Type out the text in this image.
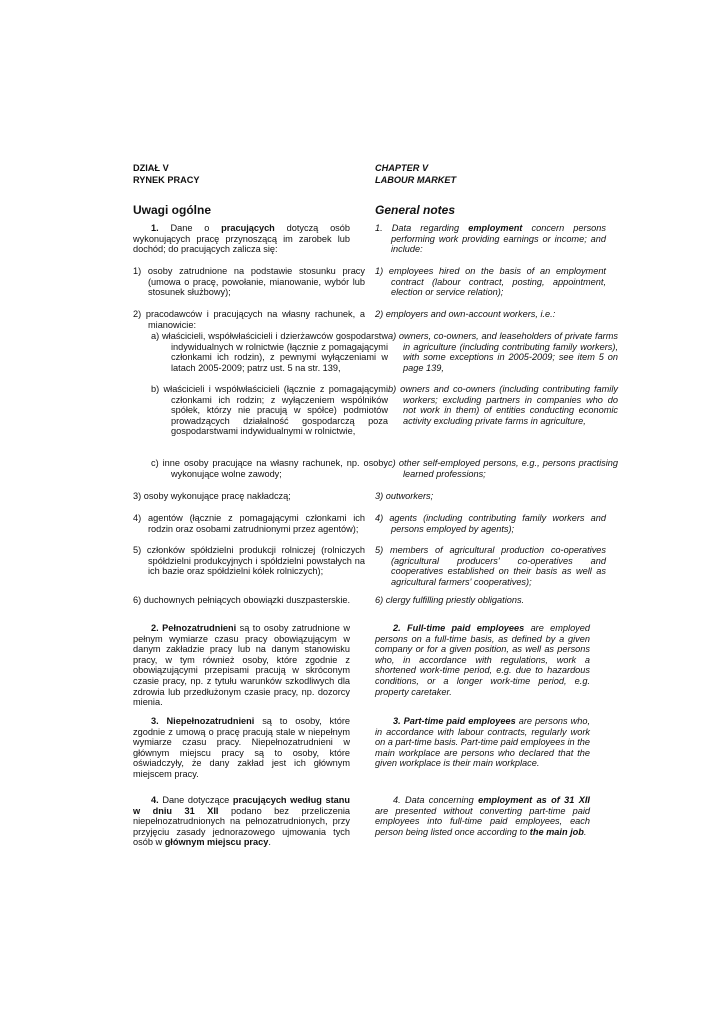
DZIAŁ V

RYNEK PRACY

Uwagi ogólne

1. Dane o pracujących dotyczą osób wykonujących pracę przynoszącą im zarobek lub dochód; do pracujących zalicza się:

1) osoby zatrudnione na podstawie stosunku pracy (umowa o pracę, powołanie, mianowanie, wybór lub stosunek służbowy);

2) pracodawców i pracujących na własny rachunek, a mianowicie:

a) właścicieli, współwłaścicieli i dzierżawców gospodarstw indywidualnych w rolnictwie (łącznie z pomagającymi członkami ich rodzin), z pewnymi wyłączeniami w latach 2005-2009; patrz ust. 5 na str. 139,

b) właścicieli i współwłaścicieli (łącznie z pomagającymi członkami ich rodzin; z wyłączeniem wspólników spółek, którzy nie pracują w spółce) podmiotów prowadzących działalność gospodarczą poza gospodarstwami indywidualnymi w rolnictwie,

c) inne osoby pracujące na własny rachunek, np. osoby wykonujące wolne zawody;

3) osoby wykonujące pracę nakładczą;

4) agentów (łącznie z pomagającymi członkami ich rodzin oraz osobami zatrudnionymi przez agentów);

5) członków spółdzielni produkcji rolniczej (rolniczych spółdzielni produkcyjnych i spółdzielni powstałych na ich bazie oraz spółdzielni kółek rolniczych);

6) duchownych pełniących obowiązki duszpasterskie.

2. Pełnozatrudnieni są to osoby zatrudnione w pełnym wymiarze czasu pracy obowiązującym w danym zakładzie pracy lub na danym stanowisku pracy, w tym również osoby, które zgodnie z obowiązującymi przepisami pracują w skróconym czasie pracy, np. z tytułu warunków szkodliwych dla zdrowia lub przedłużonym czasie pracy, np. dozorcy mienia.

3. Niepełnozatrudnieni są to osoby, które zgodnie z umową o pracę pracują stale w niepełnym wymiarze czasu pracy. Niepełnozatrudnieni w głównym miejscu pracy są to osoby, które oświadczyły, że dany zakład jest ich głównym miejscem pracy.

4. Dane dotyczące pracujących według stanu w dniu 31 XII podano bez przeliczenia niepełnozatrudnionych na pełnozatrudnionych, przy przyjęciu zasady jednorazowego ujmowania tych osób w głównym miejscu pracy.

CHAPTER V

LABOUR MARKET

General notes

1. Data regarding employment concern persons performing work providing earnings or income; and include:

1) employees hired on the basis of an employment contract (labour contract, posting, appointment, election or service relation);

2) employers and own-account workers, i.e.:

a) owners, co-owners, and leaseholders of private farms in agriculture (including contributing family workers), with some exceptions in 2005-2009; see item 5 on page 139,

b) owners and co-owners (including contributing family workers; excluding partners in companies who do not work in them) of entities conducting economic activity excluding private farms in agriculture,

c) other self-employed persons, e.g., persons practising learned professions;

3) outworkers;

4) agents (including contributing family workers and persons employed by agents);

5) members of agricultural production co-operatives (agricultural producers' co-operatives and cooperatives established on their basis as well as agricultural farmers' cooperatives);

6) clergy fulfilling priestly obligations.

2. Full-time paid employees are employed persons on a full-time basis, as defined by a given company or for a given position, as well as persons who, in accordance with regulations, work a shortened work-time period, e.g. due to hazardous conditions, or a longer work-time period, e.g. property caretaker.

3. Part-time paid employees are persons who, in accordance with labour contracts, regularly work on a part-time basis. Part-time paid employees in the main workplace are persons who declared that the given workplace is their main workplace.

4. Data concerning employment as of 31 XII are presented without converting part-time paid employees into full-time paid employees, each person being listed once according to the main job.
